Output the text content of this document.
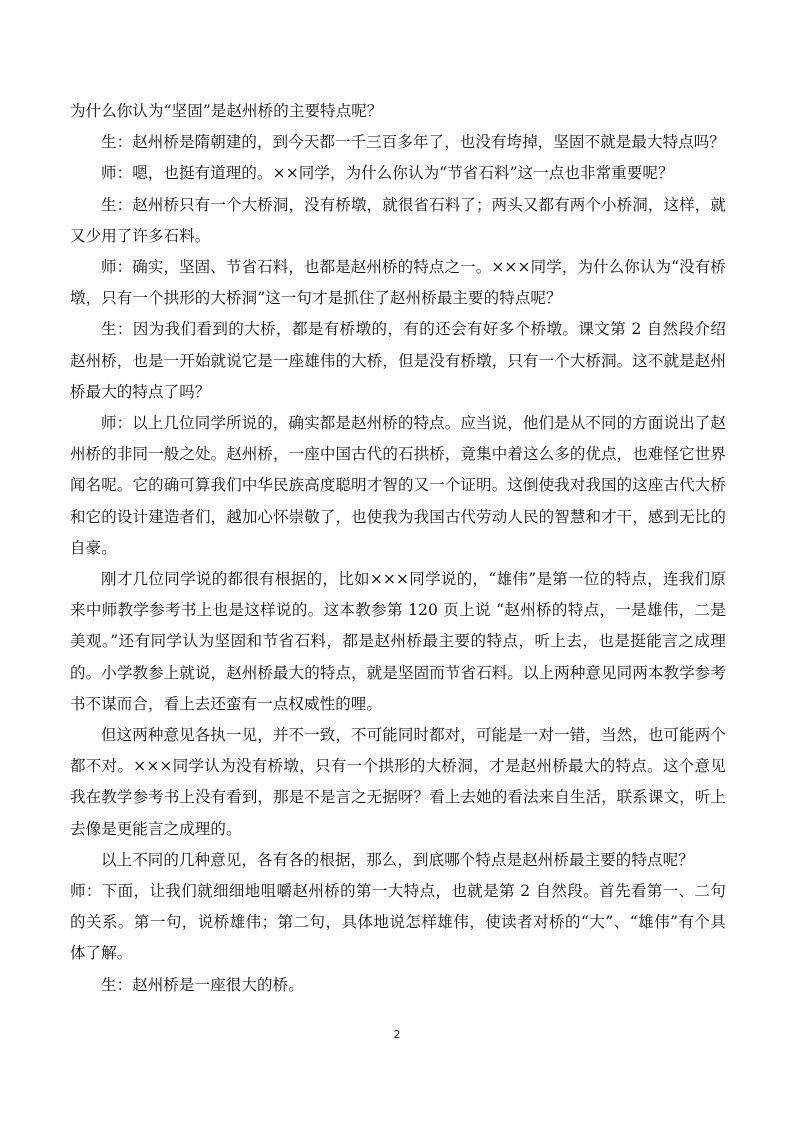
为什么你认为“坚固”是赵州桥的主要特点呢？

生：赵州桥是隋朝建的，到今天都一千三百多年了，也没有垮掉，坚固不就是最大特点吗？

师：嗯，也挺有道理的。××同学，为什么你认为“节省石料”这一点也非常重要呢？

生：赵州桥只有一个大桥洞，没有桥墩，就很省石料了；两头又都有两个小桥洞，这样，就又少用了许多石料。

师：确实，坚固、节省石料，也都是赵州桥的特点之一。×××同学，为什么你认为“没有桥墩，只有一个拱形的大桥洞”这一句才是抓住了赵州桥最主要的特点呢？

生：因为我们看到的大桥，都是有桥墩的，有的还会有好多个桥墩。课文第 2 自然段介绍赵州桥，也是一开始就说它是一座雄伟的大桥，但是没有桥墩，只有一个大桥洞。这不就是赵州桥最大的特点了吗？

师：以上几位同学所说的，确实都是赵州桥的特点。应当说，他们是从不同的方面说出了赵州桥的非同一般之处。赵州桥，一座中国古代的石拱桥，竟集中着这么多的优点，也难怪它世界闻名呢。它的确可算我们中华民族高度聪明才智的又一个证明。这倒使我对我国的这座古代大桥和它的设计建造者们，越加心怀崇敬了，也使我为我国古代劳动人民的智慧和才干，感到无比的自豪。

刚才几位同学说的都很有根据的，比如×××同学说的，“雄伟”是第一位的特点，连我们原来中师教学参考书上也是这样说的。这本教参第 120 页上说 “赵州桥的特点，一是雄伟，二是美观。”还有同学认为坚固和节省石料，都是赵州桥最主要的特点，听上去，也是挺能言之成理的。小学教参上就说，赵州桥最大的特点，就是坚固而节省石料。以上两种意见同两本教学参考书不谋而合，看上去还蛮有一点权威性的哩。

但这两种意见各执一见，并不一致，不可能同时都对，可能是一对一错，当然，也可能两个都不对。×××同学认为没有桥墩，只有一个拱形的大桥洞，才是赵州桥最大的特点。这个意见我在教学参考书上没有看到，那是不是言之无据呀？看上去她的看法来自生活，联系课文，听上去像是更能言之成理的。

以上不同的几种意见，各有各的根据，那么，到底哪个特点是赵州桥最主要的特点呢？

师：下面，让我们就细细地咀嚼赵州桥的第一大特点，也就是第 2 自然段。首先看第一、二句的关系。第一句，说桥雄伟；第二句，具体地说怎样雄伟，使读者对桥的“大”、“雄伟”有个具体了解。

生：赵州桥是一座很大的桥。

2
